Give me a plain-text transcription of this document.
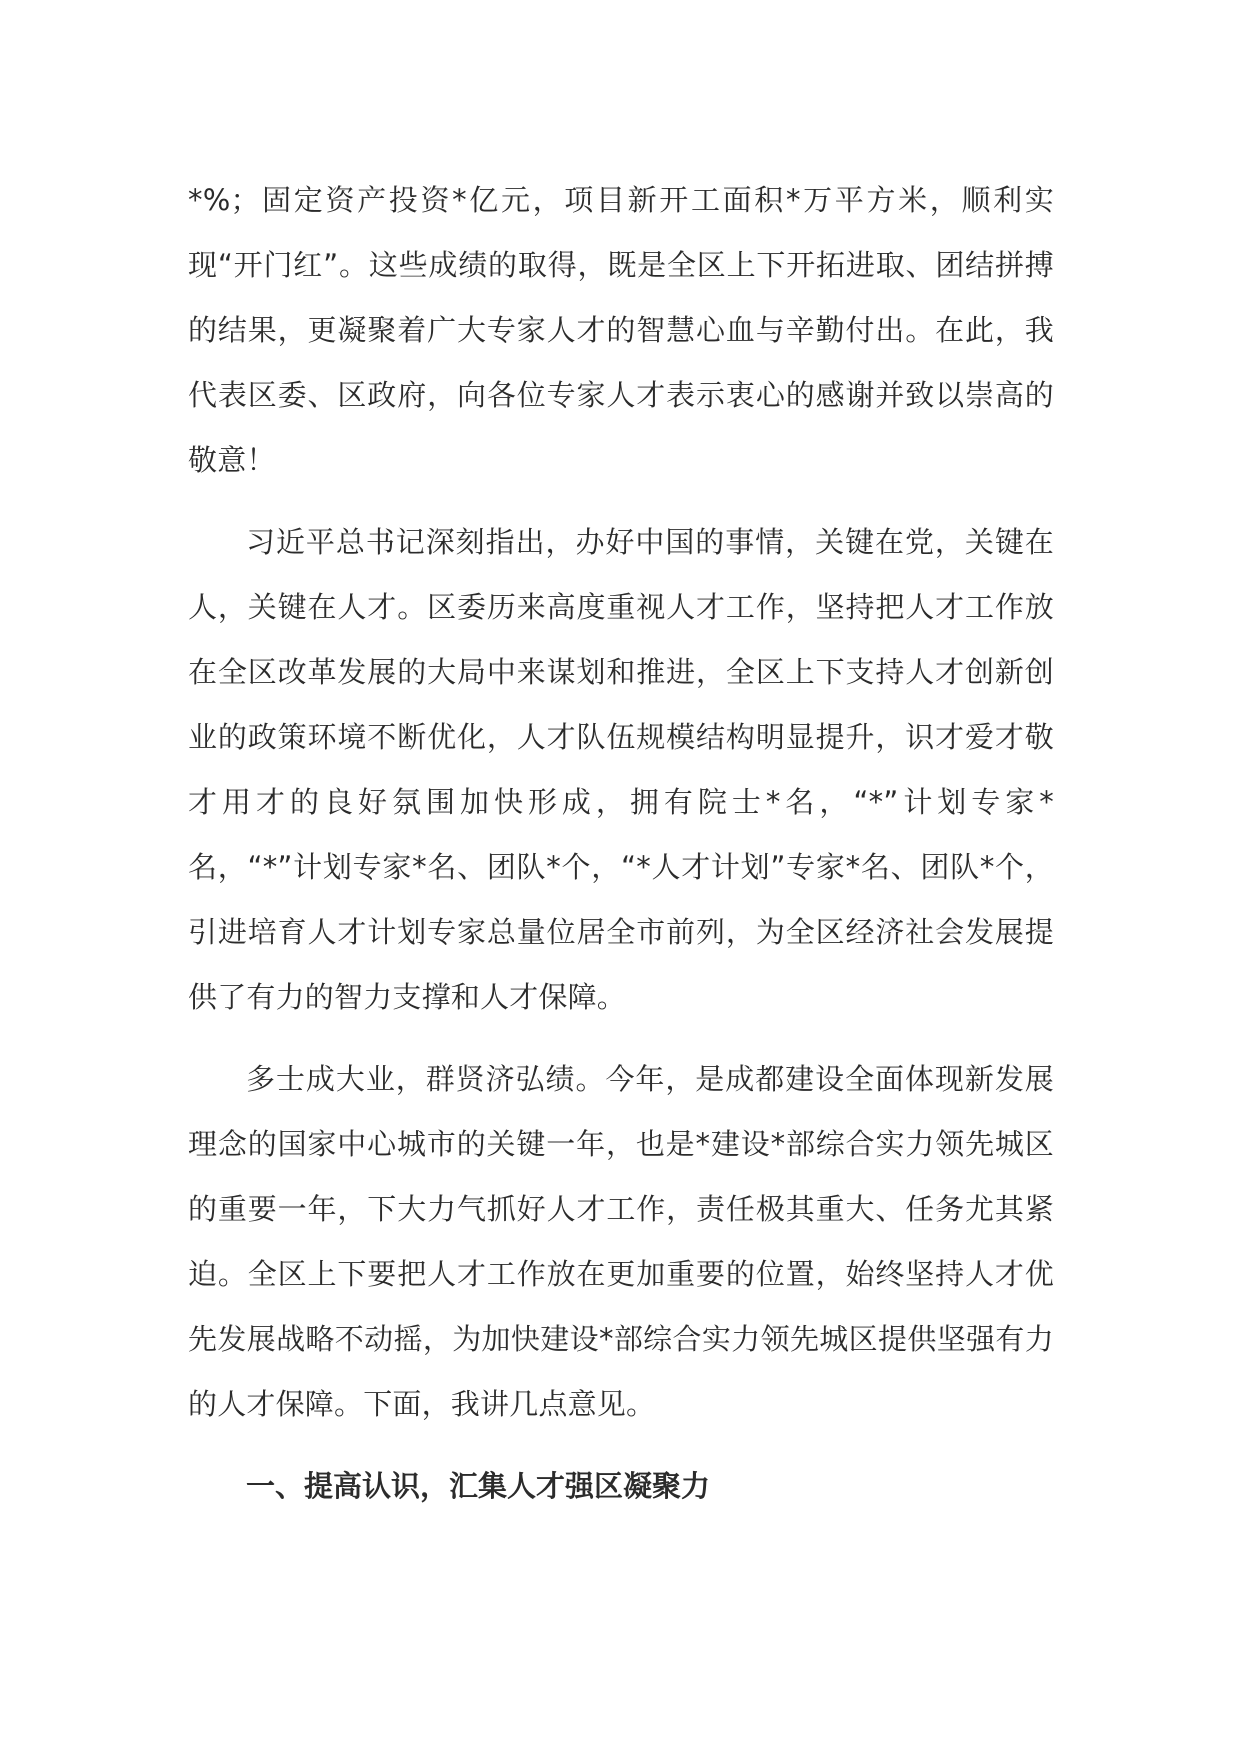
*%；固定资产投资*亿元，项目新开工面积*万平方米，顺利实现“开门红”。这些成绩的取得，既是全区上下开拓进取、团结拼搏的结果，更凝聚着广大专家人才的智慧心血与辛勤付出。在此，我代表区委、区政府，向各位专家人才表示衷心的感谢并致以崇高的敬意！

习近平总书记深刻指出，办好中国的事情，关键在党，关键在人，关键在人才。区委历来高度重视人才工作，坚持把人才工作放在全区改革发展的大局中来谋划和推进，全区上下支持人才创新创业的政策环境不断优化，人才队伍规模结构明显提升，识才爱才敬才用才的良好氛围加快形成，拥有院士*名，“*”计划专家*名，“*”计划专家*名、团队*个，“*人才计划”专家*名、团队*个，引进培育人才计划专家总量位居全市前列，为全区经济社会发展提供了有力的智力支撑和人才保障。

多士成大业，群贤济弘绩。今年，是成都建设全面体现新发展理念的国家中心城市的关键一年，也是*建设*部综合实力领先城区的重要一年，下大力气抓好人才工作，责任极其重大、任务尤其紧迫。全区上下要把人才工作放在更加重要的位置，始终坚持人才优先发展战略不动摇，为加快建设*部综合实力领先城区提供坚强有力的人才保障。下面，我讲几点意见。

一、提高认识，汇集人才强区凝聚力
